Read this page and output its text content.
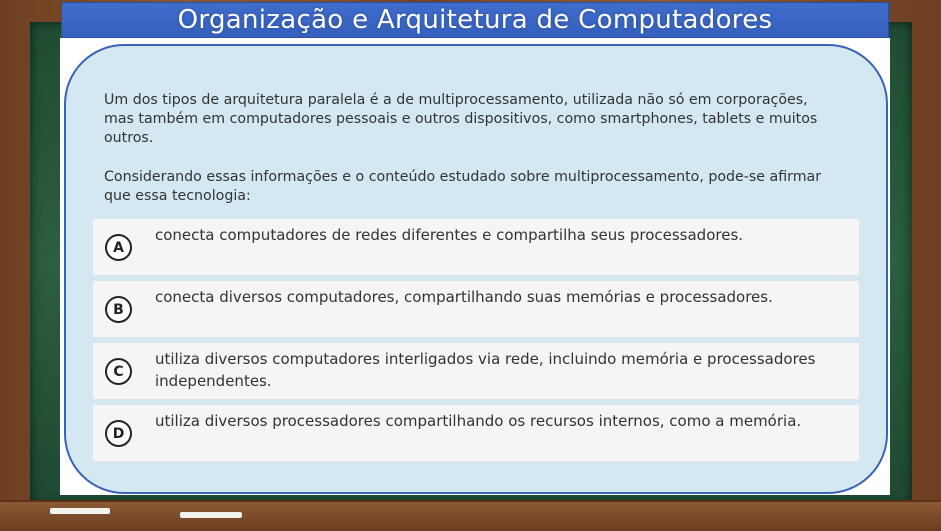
Organização e Arquitetura de Computadores
Um dos tipos de arquitetura paralela é a de multiprocessamento, utilizada não só em corporações, mas também em computadores pessoais e outros dispositivos, como smartphones, tablets e muitos outros.
Considerando essas informações e o conteúdo estudado sobre multiprocessamento, pode-se afirmar que essa tecnologia:
A
conecta computadores de redes diferentes e compartilha seus processadores.
B
conecta diversos computadores, compartilhando suas memórias e processadores.
C
utiliza diversos computadores interligados via rede, incluindo memória e processadores independentes.
D
utiliza diversos processadores compartilhando os recursos internos, como a memória.
